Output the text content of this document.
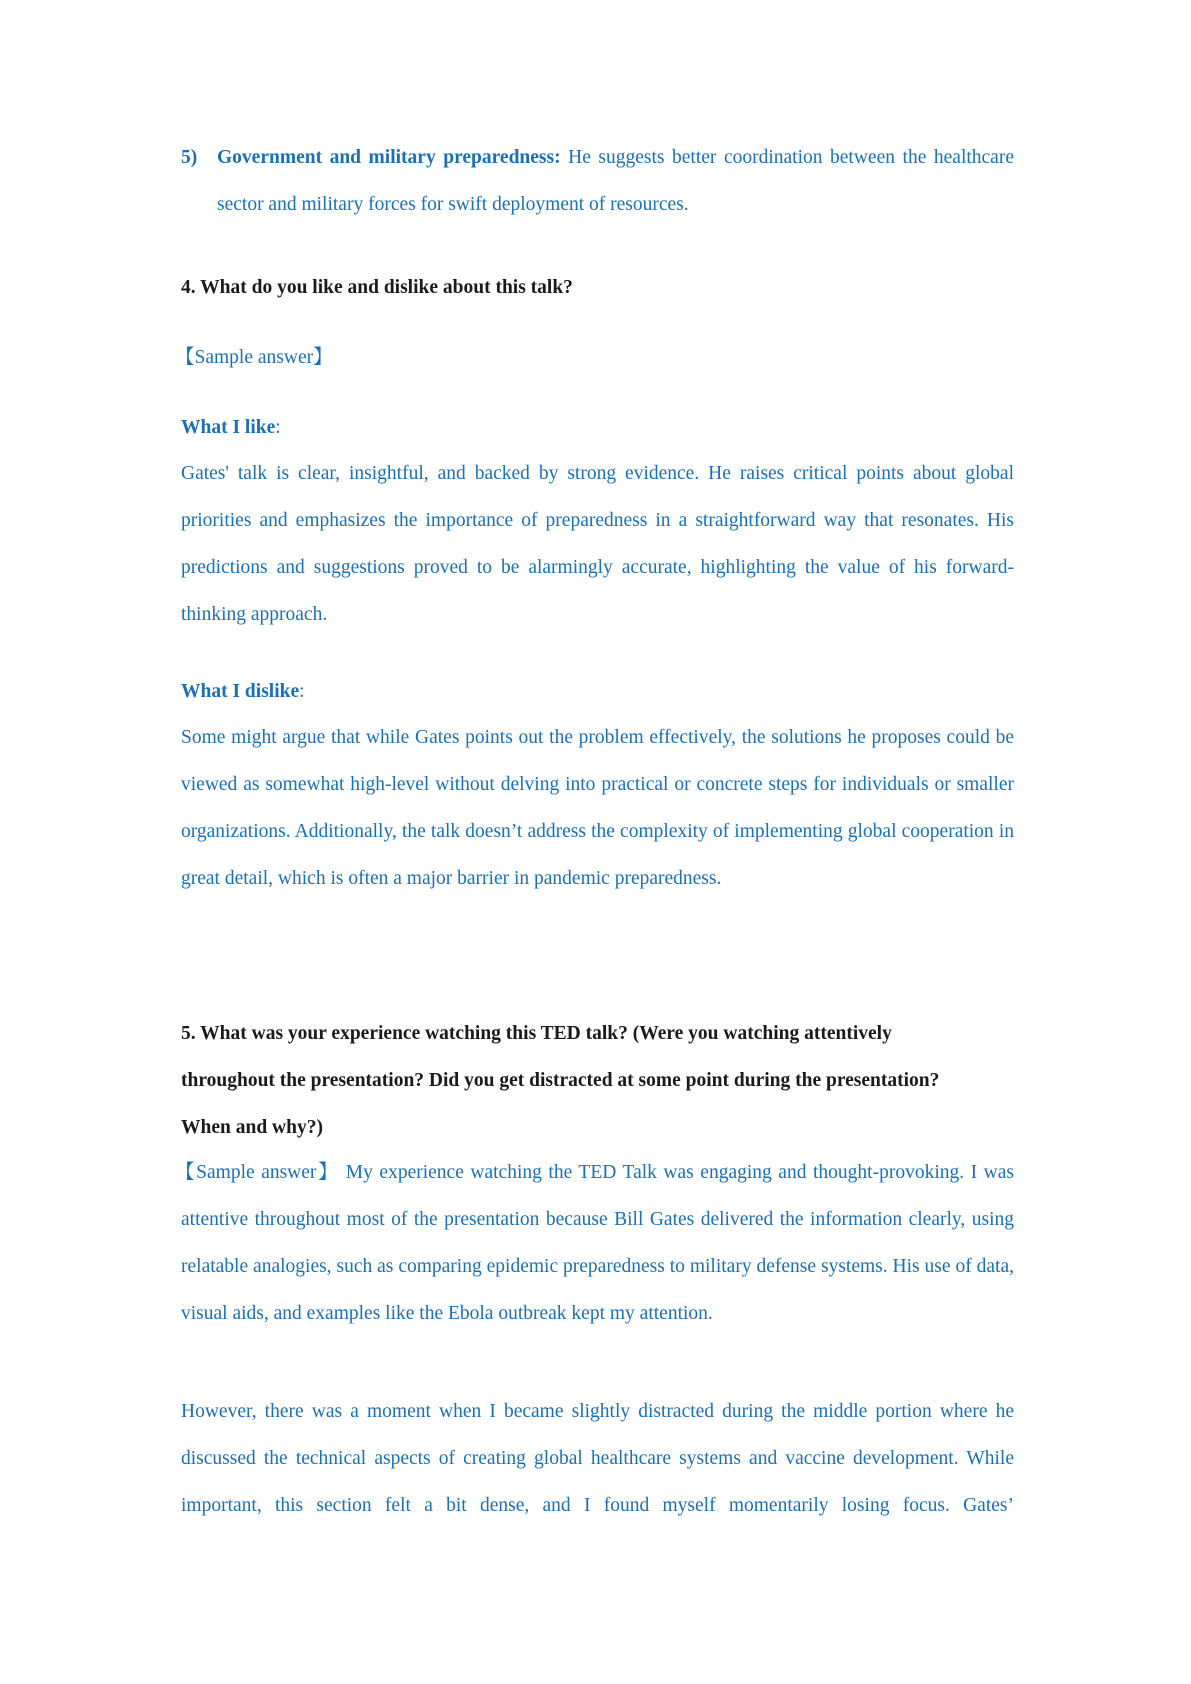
5) Government and military preparedness: He suggests better coordination between the healthcare sector and military forces for swift deployment of resources.

4. What do you like and dislike about this talk?

【Sample answer】

What I like:

Gates' talk is clear, insightful, and backed by strong evidence. He raises critical points about global priorities and emphasizes the importance of preparedness in a straightforward way that resonates. His predictions and suggestions proved to be alarmingly accurate, highlighting the value of his forward-thinking approach.

What I dislike:

Some might argue that while Gates points out the problem effectively, the solutions he proposes could be viewed as somewhat high-level without delving into practical or concrete steps for individuals or smaller organizations. Additionally, the talk doesn’t address the complexity of implementing global cooperation in great detail, which is often a major barrier in pandemic preparedness.

5. What was your experience watching this TED talk? (Were you watching attentively throughout the presentation? Did you get distracted at some point during the presentation? When and why?)

【Sample answer】 My experience watching the TED Talk was engaging and thought-provoking. I was attentive throughout most of the presentation because Bill Gates delivered the information clearly, using relatable analogies, such as comparing epidemic preparedness to military defense systems. His use of data, visual aids, and examples like the Ebola outbreak kept my attention.

However, there was a moment when I became slightly distracted during the middle portion where he discussed the technical aspects of creating global healthcare systems and vaccine development. While important, this section felt a bit dense, and I found myself momentarily losing focus. Gates’
